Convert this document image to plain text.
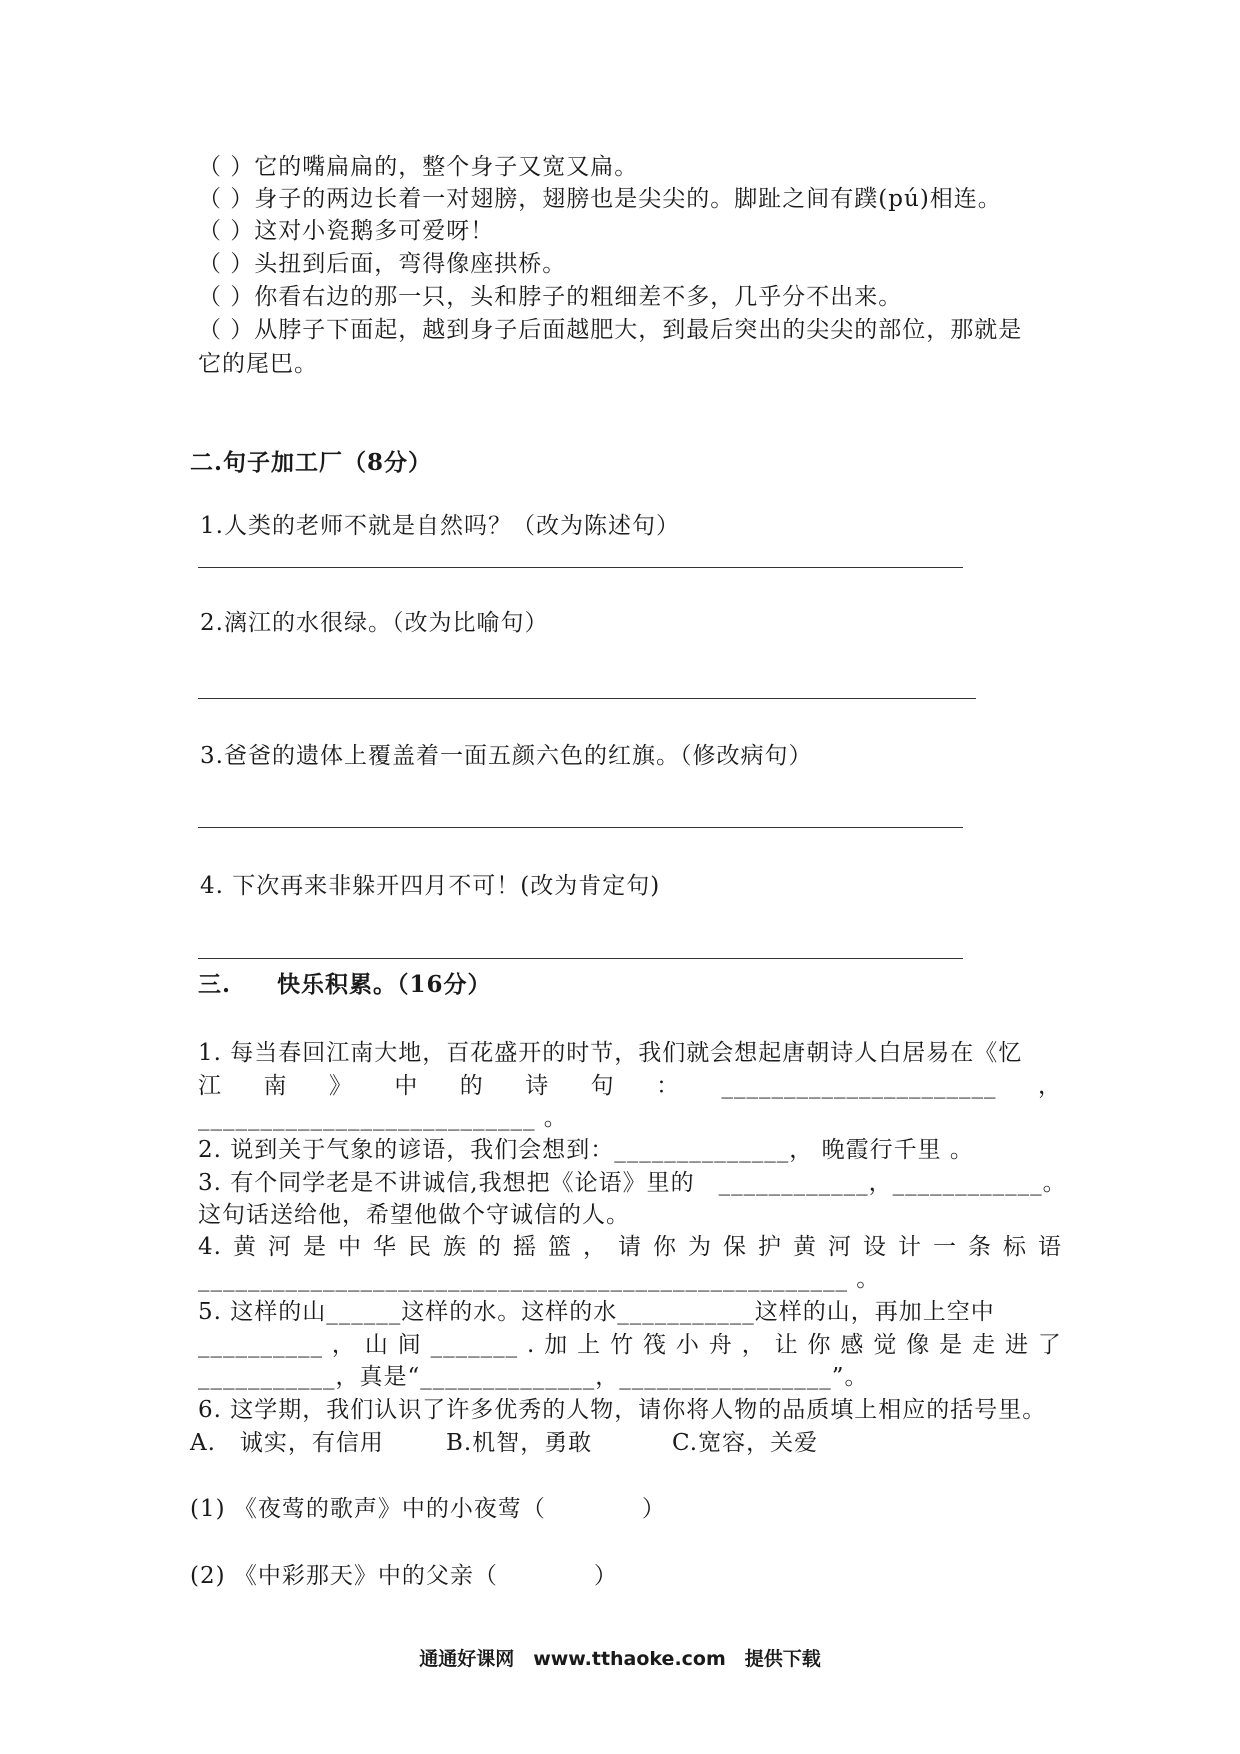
（ ）它的嘴扁扁的，整个身子又宽又扁。
（ ）身子的两边长着一对翅膀，翅膀也是尖尖的。脚趾之间有蹼(pú)相连。
（ ）这对小瓷鹅多可爱呀！
（ ）头扭到后面，弯得像座拱桥。
（ ）你看右边的那一只，头和脖子的粗细差不多，几乎分不出来。
（ ）从脖子下面起，越到身子后面越肥大，到最后突出的尖尖的部位，那就是
它的尾巴。
二.句子加工厂（8分）
1.人类的老师不就是自然吗？（改为陈述句）
2.漓江的水很绿。（改为比喻句）
3.爸爸的遗体上覆盖着一面五颜六色的红旗。（修改病句）
4. 下次再来非躲开四月不可！(改为肯定句)
三. 快乐积累。（16分）
1. 每当春回江南大地，百花盛开的时节，我们就会想起唐朝诗人白居易在《忆
江 南 》 中 的 诗 句 ： ______________________ ，
___________________________ 。
2. 说到关于气象的谚语，我们会想到：______________， 晚霞行千里 。
3. 有个同学老是不讲诚信,我想把《论语》里的　____________，____________。
这句话送给他，希望他做个守诚信的人。
4. 黄 河 是 中 华 民 族 的 摇 篮 ， 请 你 为 保 护 黄 河 设 计 一 条 标 语
____________________________________________________ 。
5. 这样的山______这样的水。这样的水___________这样的山，再加上空中
__________ ， 山 间 _______ . 加 上 竹 筏 小 舟 ， 让 你 感 觉 像 是 走 进 了
___________，真是“______________，_________________”。
6. 这学期，我们认识了许多优秀的人物，请你将人物的品质填上相应的括号里。
A.　诚实，有信用	B.机智，勇敢	C.宽容，关爱
(1) 《夜莺的歌声》中的小夜莺（　　　　）
(2) 《中彩那天》中的父亲（　　　　）
通通好课网　www.tthaoke.com　提供下载
